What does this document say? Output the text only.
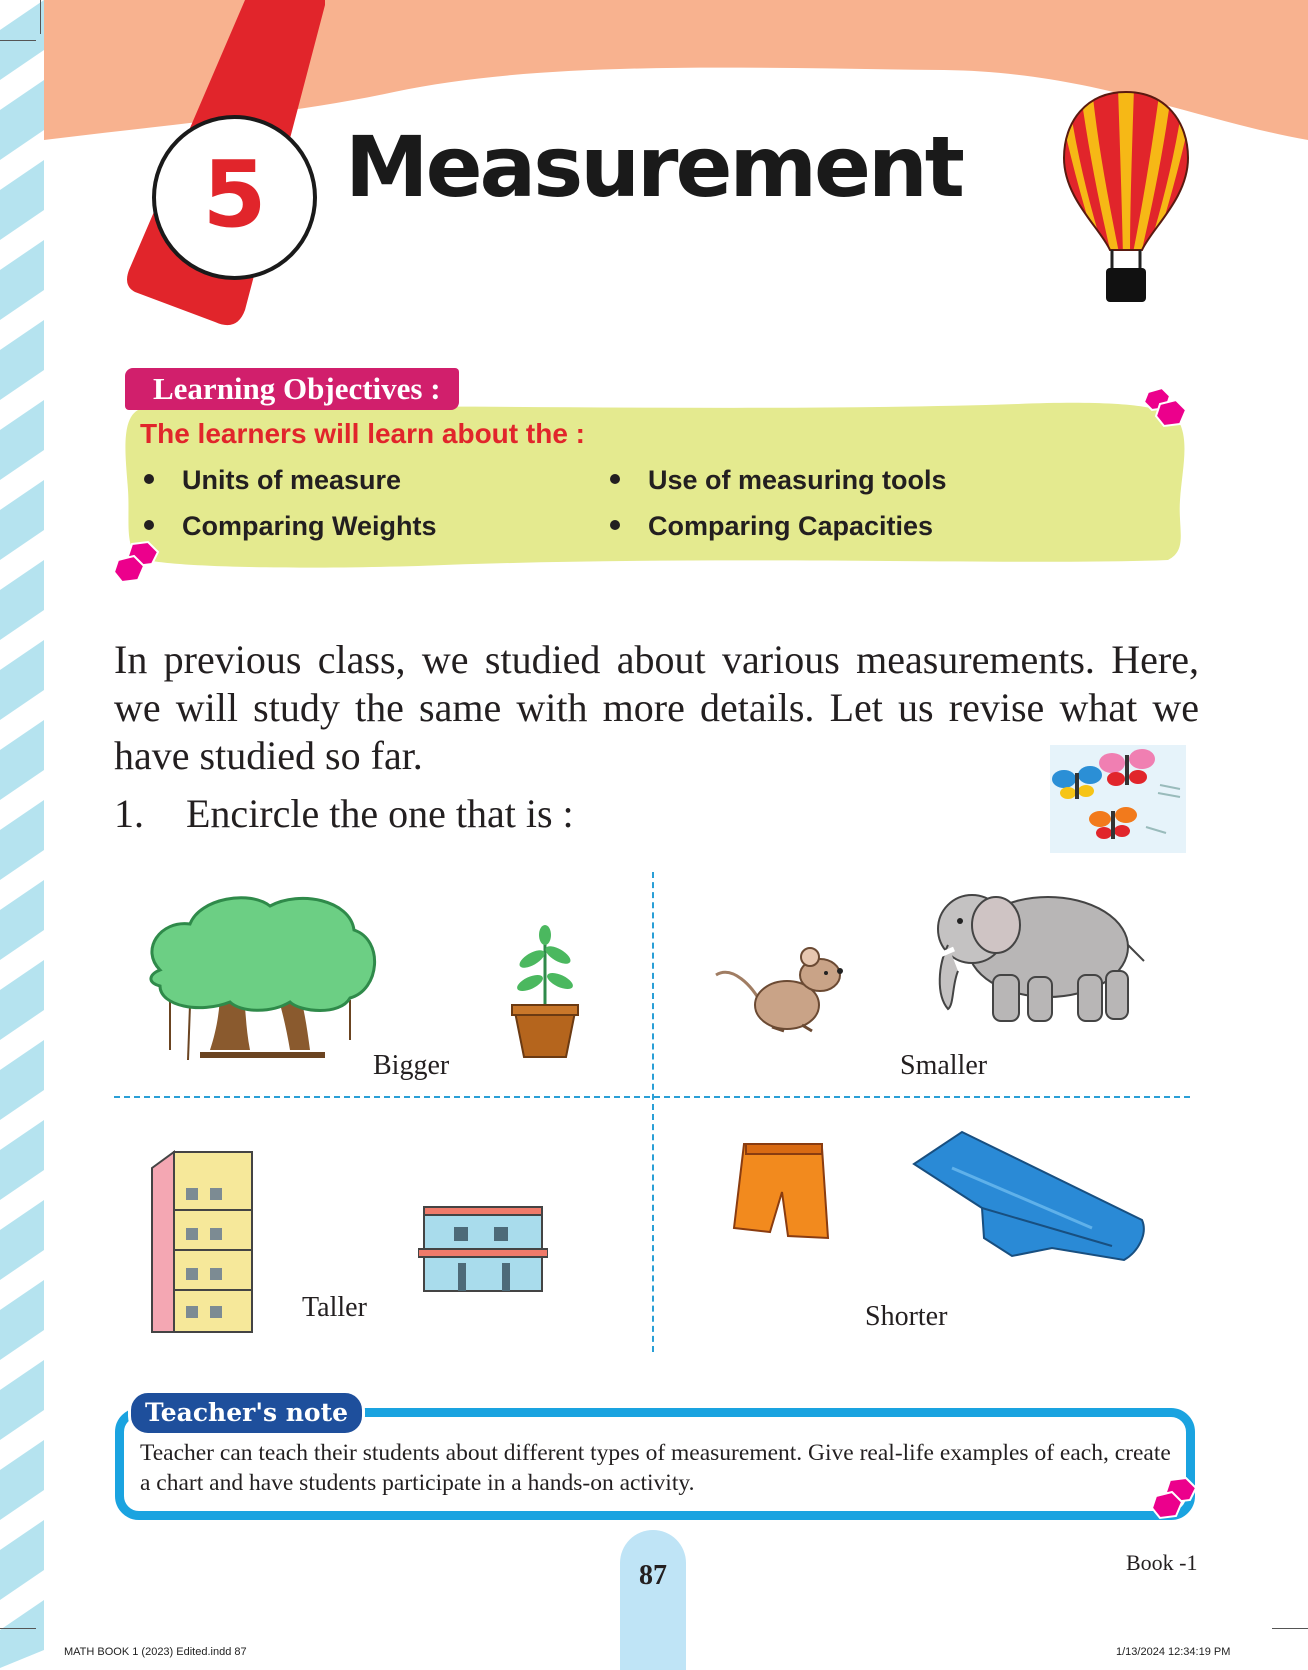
5 Measurement
Learning Objectives :
The learners will learn about the :
Units of measure	Use of measuring tools
Comparing Weights	Comparing Capacities
In previous class, we studied about various measurements. Here, we will study the same with more details. Let us revise what we have studied so far.
1. Encircle the one that is :
Bigger	Smaller
Taller	Shorter
Teacher's note
Teacher can teach their students about different types of measurement. Give real-life examples of each, create a chart and have students participate in a hands-on activity.
87	Book -1
MATH BOOK 1 (2023) Edited.indd 87	1/13/2024 12:34:19 PM
